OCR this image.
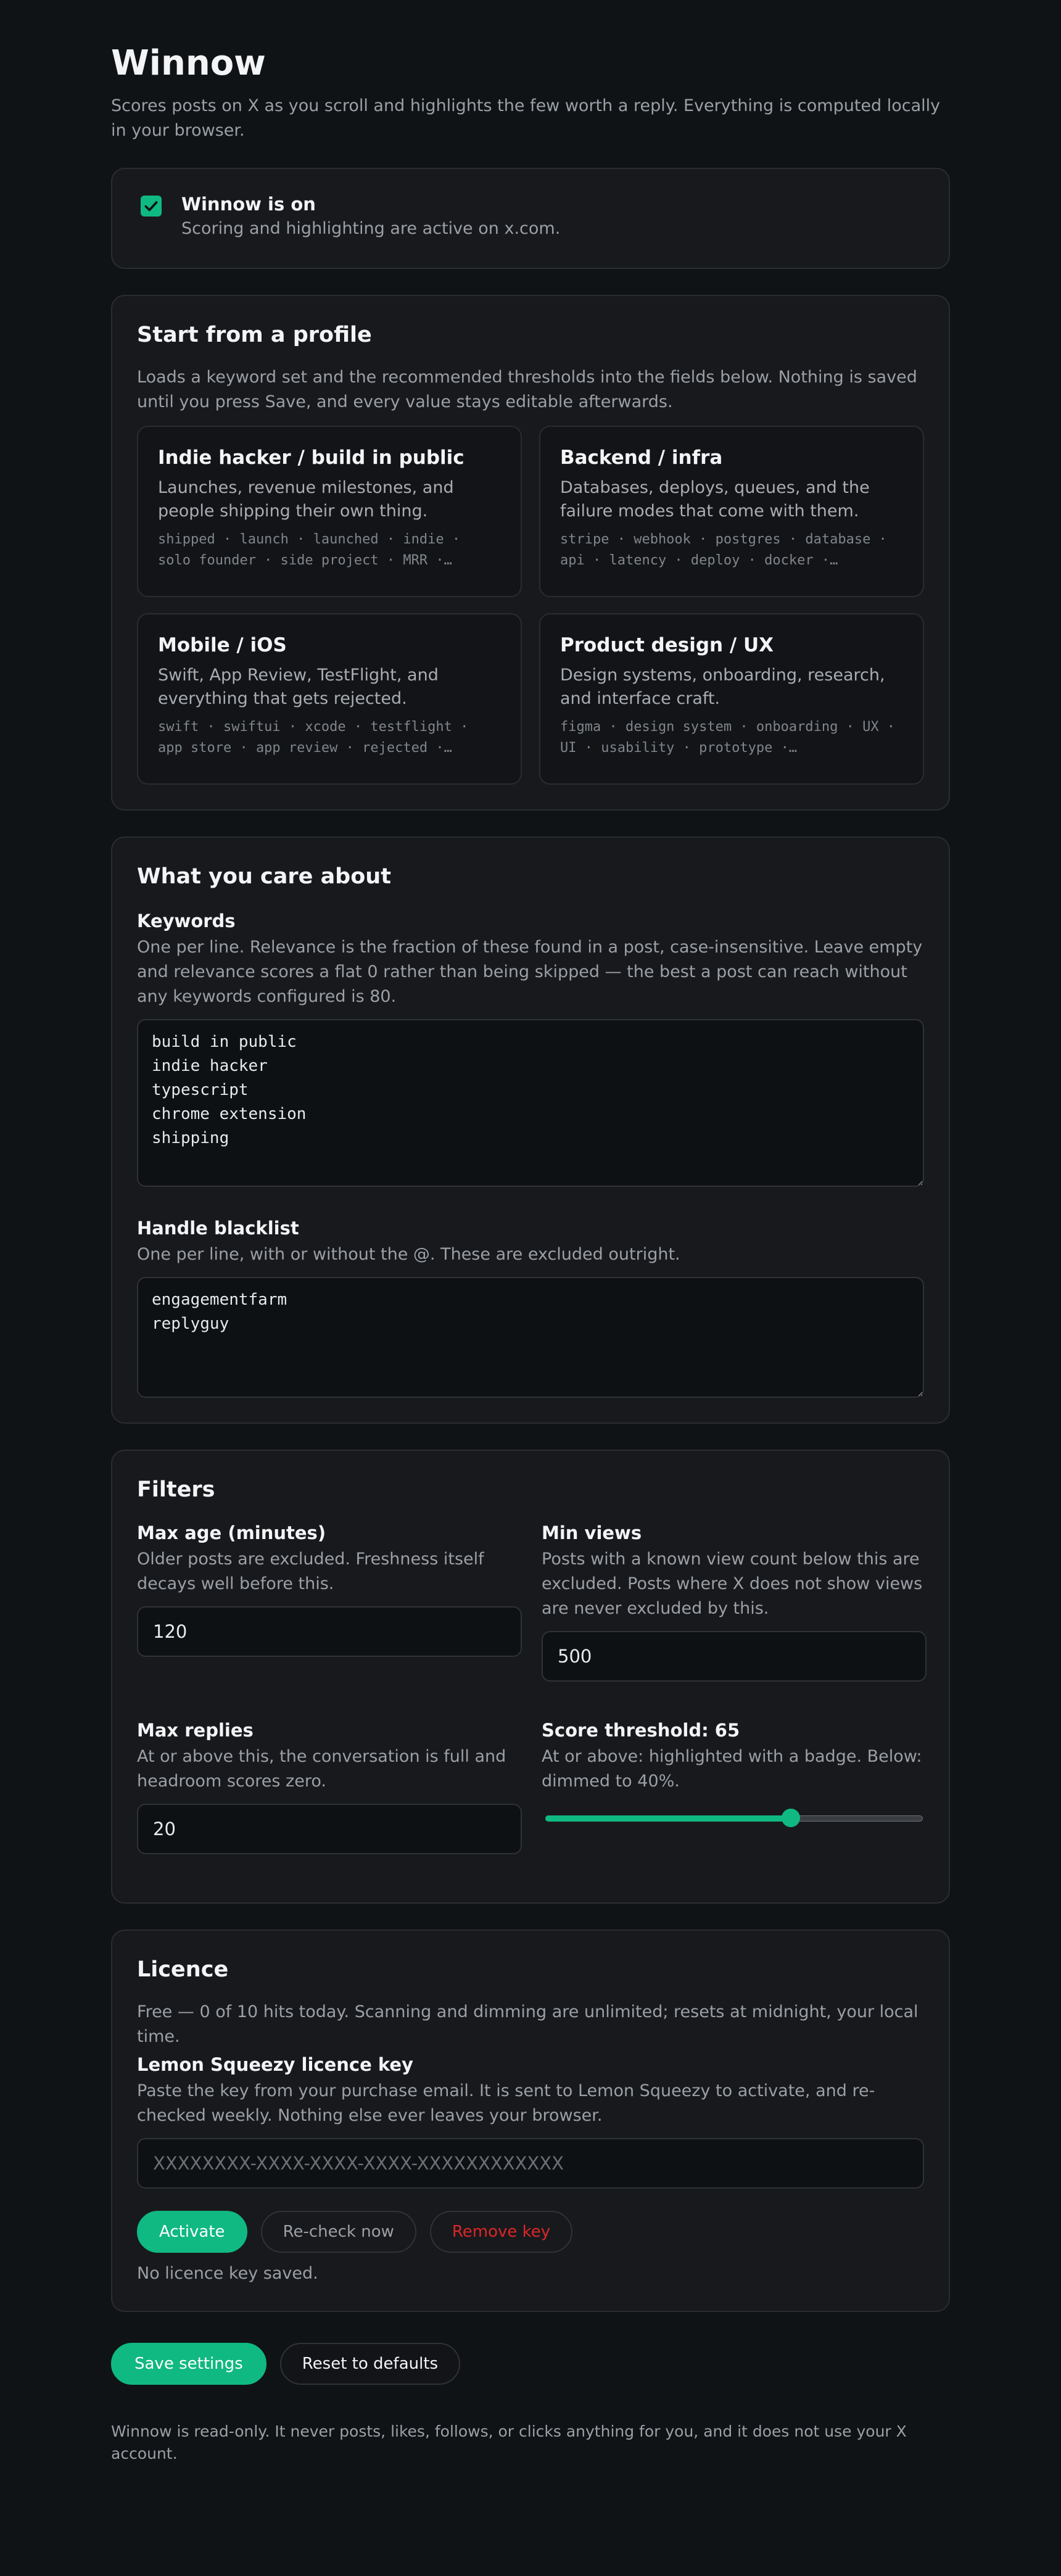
Winnow

Scores posts on X as you scroll and highlights the few worth a reply. Everything is computed locally in your browser.

Winnow is on
Scoring and highlighting are active on x.com.
Start from a profile

Loads a keyword set and the recommended thresholds into the fields below. Nothing is saved until you press Save, and every value stays editable afterwards.

Indie hacker / build in public
Launches, revenue milestones, and people shipping their own thing.
shipped · launch · launched · indie · solo founder · side project · MRR ·…
Backend / infra
Databases, deploys, queues, and the failure modes that come with them.
stripe · webhook · postgres · database · api · latency · deploy · docker ·…
Mobile / iOS
Swift, App Review, TestFlight, and everything that gets rejected.
swift · swiftui · xcode · testflight · app store · app review · rejected ·…
Product design / UX
Design systems, onboarding, research, and interface craft.
figma · design system · onboarding · UX · UI · usability · prototype ·…
What you care about
Keywords

One per line. Relevance is the fraction of these found in a post, case-insensitive. Leave empty and relevance scores a flat 0 rather than being skipped — the best a post can reach without any keywords configured is 80.

build in public indie hacker typescript chrome extension shipping
Handle blacklist

One per line, with or without the @. These are excluded outright.

engagementfarm replyguy
Filters
Max age (minutes)

Older posts are excluded. Freshness itself decays well before this.

120
Min views

Posts with a known view count below this are excluded. Posts where X does not show views are never excluded by this.

500
Max replies

At or above this, the conversation is full and headroom scores zero.

20
Score threshold: 65

At or above: highlighted with a badge. Below: dimmed to 40%.

Licence

Free — 0 of 10 hits today. Scanning and dimming are unlimited; resets at midnight, your local time.

Lemon Squeezy licence key

Paste the key from your purchase email. It is sent to Lemon Squeezy to activate, and re-checked weekly. Nothing else ever leaves your browser.

XXXXXXXX-XXXX-XXXX-XXXX-XXXXXXXXXXXX
Activate	Re-check now	Remove key

No licence key saved.

Save settings	Reset to defaults

Winnow is read-only. It never posts, likes, follows, or clicks anything for you, and it does not use your X account.
